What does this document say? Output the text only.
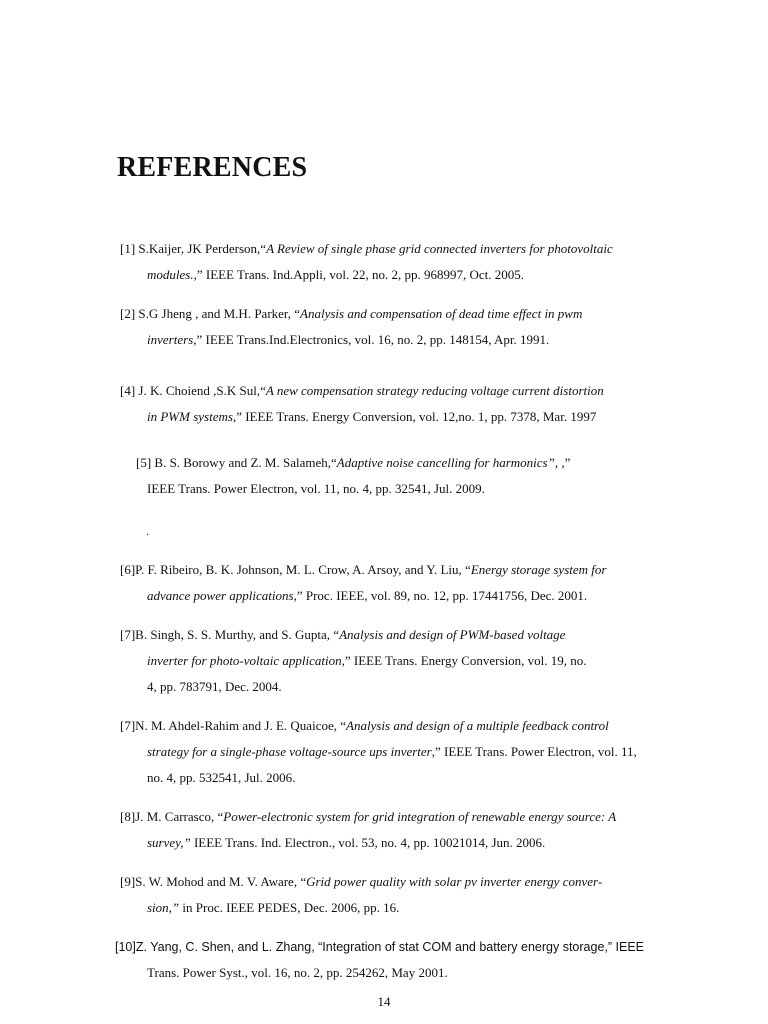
REFERENCES
[1] S.Kaijer, JK Perderson,“A Review of single phase grid connected inverters for photovoltaic
modules.,” IEEE Trans. Ind.Appli, vol. 22, no. 2, pp. 968997, Oct. 2005.
[2] S.G Jheng , and M.H. Parker, “Analysis and compensation of dead time effect in pwm
inverters,” IEEE Trans.Ind.Electronics, vol. 16, no. 2, pp. 148154, Apr. 1991.
[4] J. K. Choiend ,S.K Sul,“A new compensation strategy reducing voltage current distortion
in PWM systems,” IEEE Trans. Energy Conversion, vol. 12,no. 1, pp. 7378, Mar. 1997
[5] B. S. Borowy and Z. M. Salameh,“Adaptive noise cancelling for harmonics”, ,”
IEEE Trans. Power Electron, vol. 11, no. 4, pp. 32541, Jul. 2009.
.
[6]P. F. Ribeiro, B. K. Johnson, M. L. Crow, A. Arsoy, and Y. Liu, “Energy storage system for
advance power applications,” Proc. IEEE, vol. 89, no. 12, pp. 17441756, Dec. 2001.
[7]B. Singh, S. S. Murthy, and S. Gupta, “Analysis and design of PWM-based voltage
inverter for photo-voltaic application,” IEEE Trans. Energy Conversion, vol. 19, no.
4, pp. 783791, Dec. 2004.
[7]N. M. Ahdel-Rahim and J. E. Quaicoe, “Analysis and design of a multiple feedback control
strategy for a single-phase voltage-source ups inverter,” IEEE Trans. Power Electron, vol. 11,
no. 4, pp. 532541, Jul. 2006.
[8]J. M. Carrasco, “Power-electronic system for grid integration of renewable energy source: A
survey,” IEEE Trans. Ind. Electron., vol. 53, no. 4, pp. 10021014, Jun. 2006.
[9]S. W. Mohod and M. V. Aware, “Grid power quality with solar pv inverter energy conver-
sion,” in Proc. IEEE PEDES, Dec. 2006, pp. 16.
[10]Z. Yang, C. Shen, and L. Zhang, “Integration of stat COM and battery energy storage,” IEEE
Trans. Power Syst., vol. 16, no. 2, pp. 254262, May 2001.
14
